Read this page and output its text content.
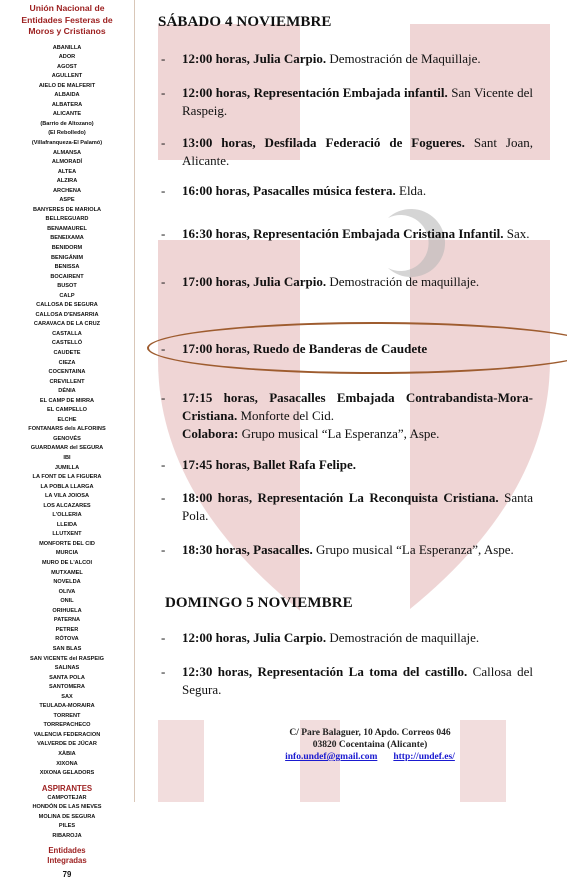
Unión Nacional de
Entidades Festeras de
Moros y Cristianos
ABANILLA
ADOR
AGOST
AGULLENT
AIELO DE MALFERIT
ALBAIDA
ALBATERA
ALICANTE
(Barrio de Altozano)
(El Rebolledo)
(Villafranqueza-El Palamó)
ALMANSA
ALMORADÍ
ALTEA
ALZIRA
ARCHENA
ASPE
BANYERES DE MARIOLA
BELLREGUARD
BENAMAUREL
BENEIXAMA
BENIDORM
BENIGÁNIM
BENISSA
BOCAIRENT
BUSOT
CALP
CALLOSA DE SEGURA
CALLOSA D'ENSARRIA
CARAVACA DE LA CRUZ
CASTALLA
CASTELLÓ
CAUDETE
CIEZA
COCENTAINA
CREVILLENT
DÉNIA
EL CAMP DE MIRRA
EL CAMPELLO
ELCHE
FONTANARS dels ALFORINS
GENOVÉS
GUARDAMAR del SEGURA
IBI
JUMILLA
LA FONT DE LA FIGUERA
LA POBLA LLARGA
LA VILA JOIOSA
LOS ALCAZARES
L'OLLERIA
LLEIDA
LLUTXENT
MONFORTE DEL CID
MURCIA
MURO DE L'ALCOI
MUTXAMEL
NOVELDA
OLIVA
ONIL
ORIHUELA
PATERNA
PETRER
RÓTOVA
SAN BLAS
SAN VICENTE del RASPEIG
SALINAS
SANTA POLA
SANTOMERA
SAX
TEULADA-MORAIRA
TORRENT
TORREPACHECO
VALENCIA FEDERACION
VALVERDE DE JÚCAR
XÀBIA
XIXONA
XIXONA GELADORS
ASPIRANTES
CAMPOTEJAR
HONDÓN DE LAS NIEVES
MOLINA DE SEGURA
PILES
RIBAROJA
Entidades
Integradas
79
SÁBADO 4 NOVIEMBRE
- 12:00 horas, Julia Carpio. Demostración de Maquillaje.
- 12:00 horas, Representación Embajada infantil. San Vicente del Raspeig.
- 13:00 horas, Desfilada Federació de Fogueres. Sant Joan, Alicante.
- 16:00 horas, Pasacalles música festera. Elda.
- 16:30 horas, Representación Embajada Cristiana Infantil. Sax.
- 17:00 horas, Julia Carpio. Demostración de maquillaje.
- 17:00 horas, Ruedo de Banderas de Caudete
- 17:15 horas, Pasacalles Embajada Contrabandista-Mora-Cristiana. Monforte del Cid.
Colabora: Grupo musical “La Esperanza”, Aspe.
- 17:45 horas, Ballet Rafa Felipe.
- 18:00 horas, Representación La Reconquista Cristiana. Santa Pola.
- 18:30 horas, Pasacalles. Grupo musical “La Esperanza”, Aspe.
DOMINGO 5 NOVIEMBRE
- 12:00 horas, Julia Carpio. Demostración de maquillaje.
- 12:30 horas, Representación La toma del castillo. Callosa del Segura.
C/ Pare Balaguer, 10 Apdo. Correos 046
03820 Cocentaina (Alicante)
info.undef@gmail.com http://undef.es/
